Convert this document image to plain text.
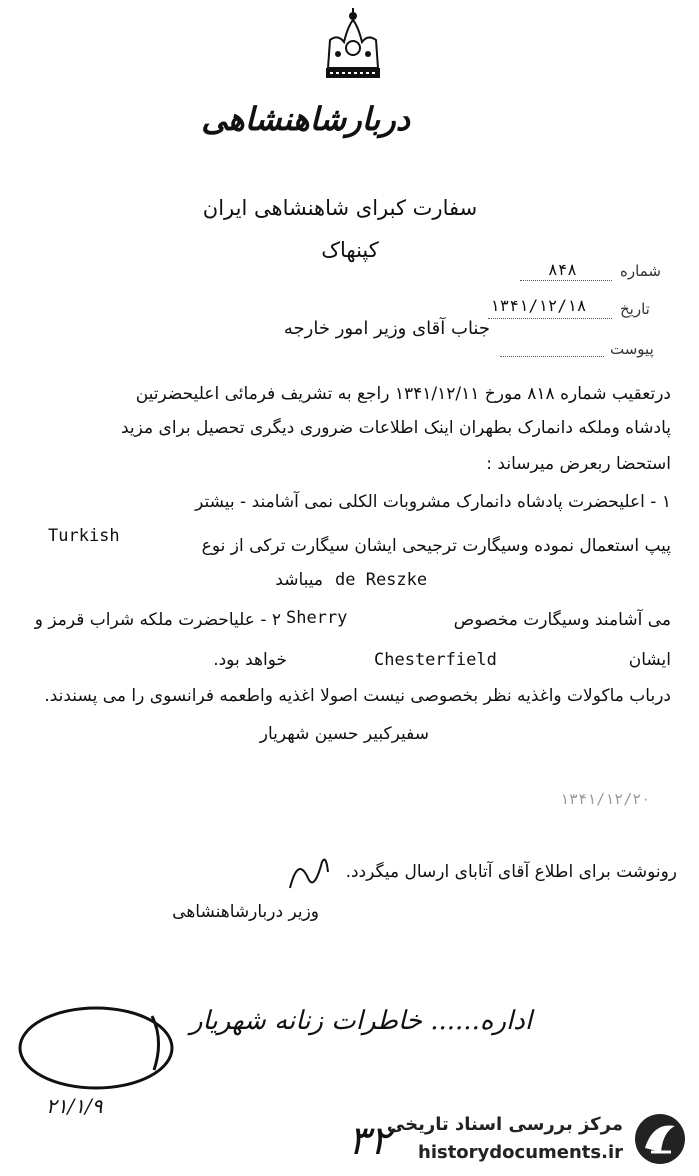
دربارشاهنشاهی
سفارت کبرای شاهنشاهی ایران
کپنهاک
شماره
۸۴۸
تاریخ
۱۳۴۱/۱۲/۱۸
پیوست
جناب آقای وزیر امور خارجه
درتعقیب شماره ۸۱۸ مورخ ۱۳۴۱/۱۲/۱۱ راجع به تشریف فرمائی اعلیحضرتین
پادشاه وملکه دانمارک بطهران اینک اطلاعات ضروری دیگری تحصیل برای مزید
استحضا ربعرض میرساند :
۱ - اعلیحضرت پادشاه دانمارک مشروبات الکلی نمی آشامند - بیشتر
Turkish	پیپ استعمال نموده وسیگارت ترجیحی ایشان سیگارت ترکی از نوع
de Reszke
میباشد
می آشامند وسیگارت مخصوص
Sherry
۲ - علیاحضرت ملکه شراب قرمز و
ایشان
Chesterfield
خواهد بود.
درباب ماکولات واغذیه نظر بخصوصی نیست اصولا اغذیه واطعمه فرانسوی را می پسندند.
سفیرکبیر حسین شهریار
۱۳۴۱/۱۲/۲۰
رونوشت برای اطلاع آقای آتابای ارسال میگردد.
وزیر دربارشاهنشاهی
اداره...... خاطرات زنانه شهریار
۲۱/۱/۹
۳۲
مرکز بررسی اسناد تاریخی
historydocuments.ir
